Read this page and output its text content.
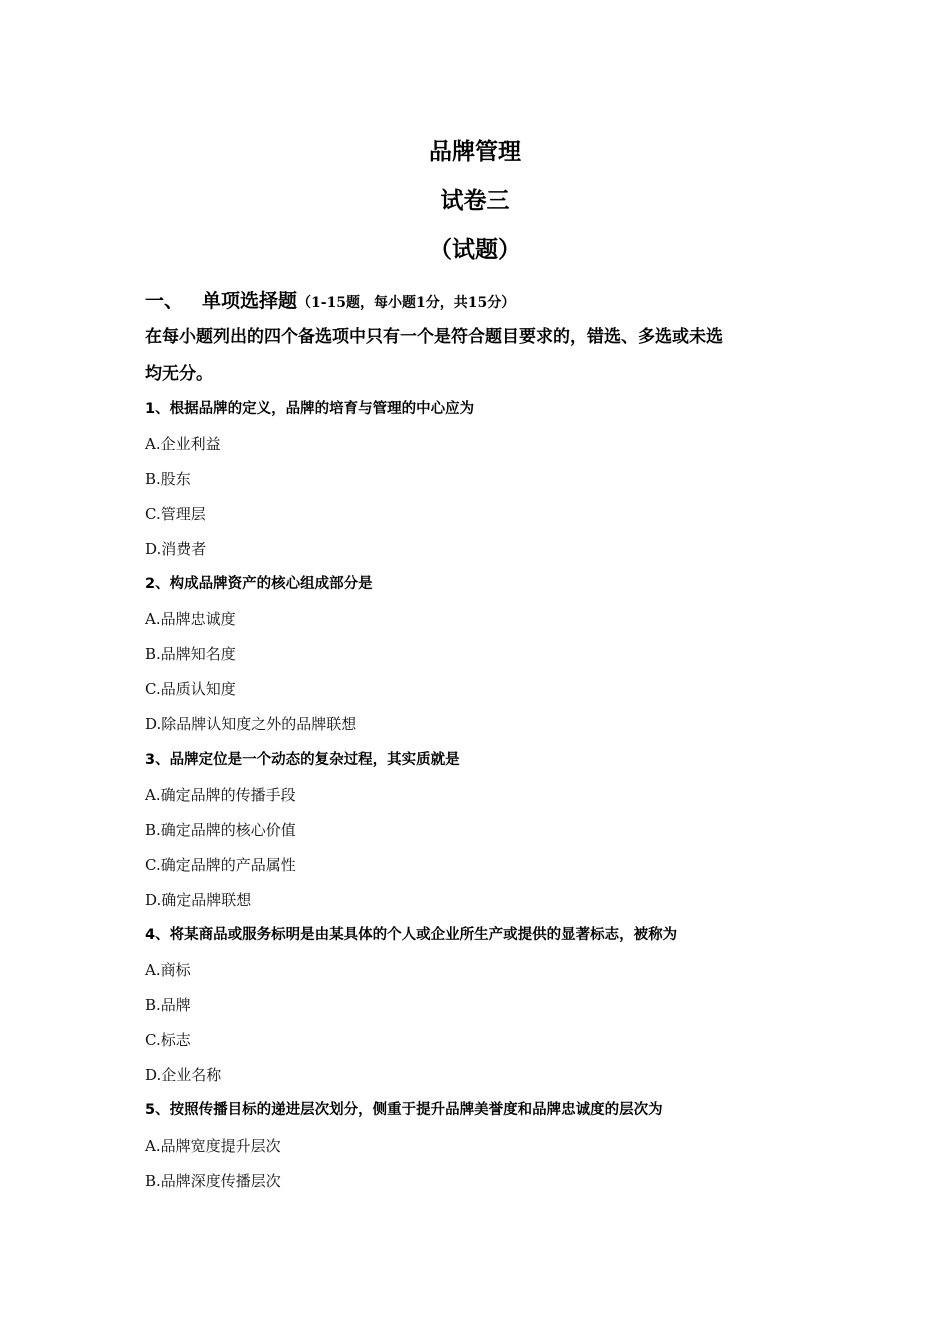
品牌管理
试卷三
（试题）
一、 单项选择题（1-15题，每小题1分，共15分）
在每小题列出的四个备选项中只有一个是符合题目要求的，错选、多选或未选
均无分。
1、根据品牌的定义，品牌的培育与管理的中心应为
A.企业利益
B.股东
C.管理层
D.消费者
2、构成品牌资产的核心组成部分是
A.品牌忠诚度
B.品牌知名度
C.品质认知度
D.除品牌认知度之外的品牌联想
3、品牌定位是一个动态的复杂过程，其实质就是
A.确定品牌的传播手段
B.确定品牌的核心价值
C.确定品牌的产品属性
D.确定品牌联想
4、将某商品或服务标明是由某具体的个人或企业所生产或提供的显著标志，被称为
A.商标
B.品牌
C.标志
D.企业名称
5、按照传播目标的递进层次划分，侧重于提升品牌美誉度和品牌忠诚度的层次为
A.品牌宽度提升层次
B.品牌深度传播层次
